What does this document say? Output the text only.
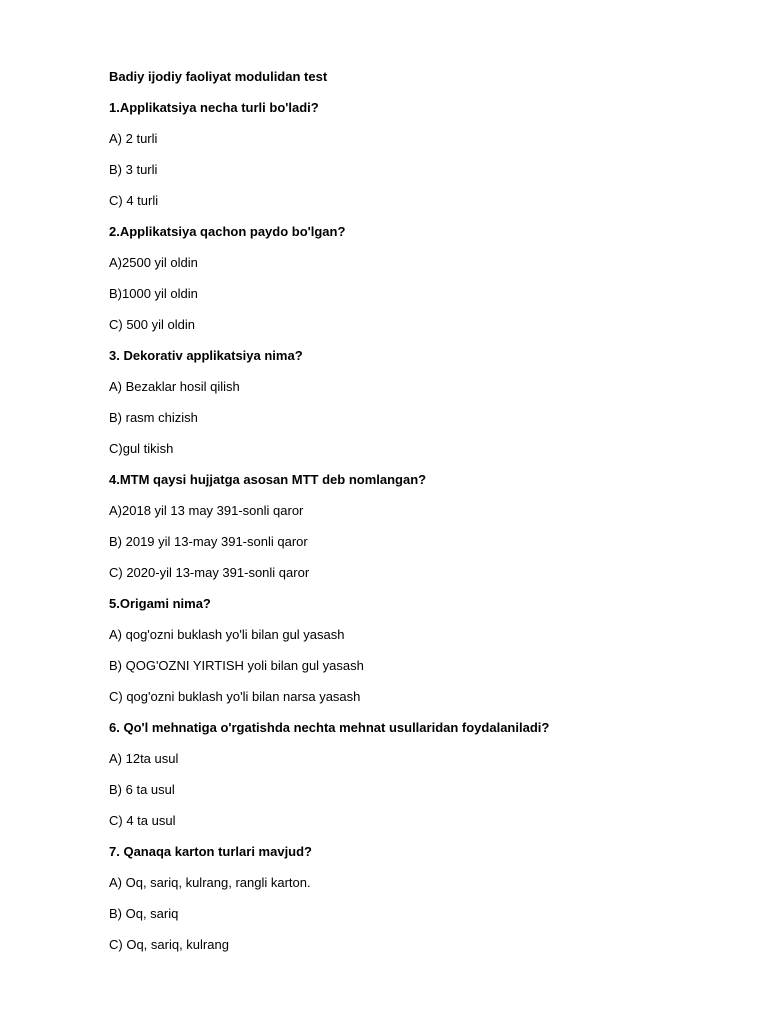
Badiy ijodiy faoliyat modulidan test

1.Applikatsiya necha turli bo'ladi?

A) 2 turli
B) 3 turli
C) 4 turli

2.Applikatsiya qachon paydo bo'lgan?

A)2500 yil oldin
B)1000 yil oldin
C) 500 yil oldin

3. Dekorativ applikatsiya nima?

A) Bezaklar hosil qilish
B) rasm chizish
C)gul tikish

4.MTM qaysi hujjatga asosan MTT deb nomlangan?

A)2018 yil 13 may 391-sonli qaror
B) 2019 yil 13-may 391-sonli qaror
C) 2020-yil 13-may 391-sonli qaror

5.Origami nima?

A) qog'ozni buklash yo'li bilan gul yasash
B) QOG'OZNI YIRTISH yoli bilan gul yasash
C) qog'ozni buklash yo'li bilan narsa yasash

6. Qo'l mehnatiga o'rgatishda nechta mehnat usullaridan foydalaniladi?

A) 12ta usul
B) 6 ta usul
C) 4 ta usul

7. Qanaqa karton turlari mavjud?

A) Oq, sariq, kulrang, rangli karton.
B) Oq, sariq
C) Oq, sariq, kulrang
